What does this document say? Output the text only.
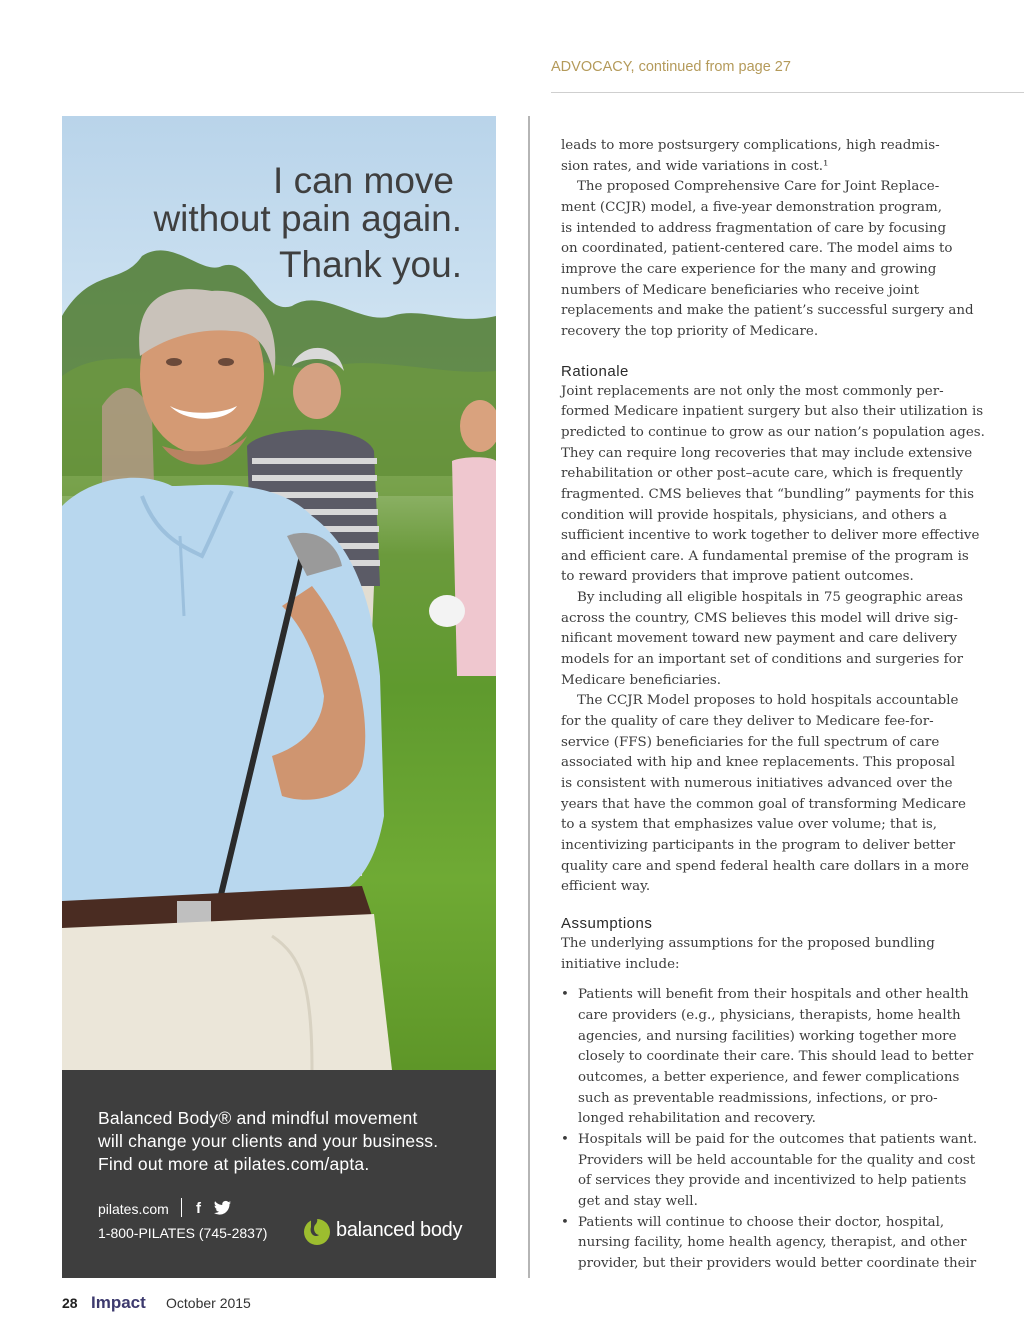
ADVOCACY, continued from page 27
I can move
without pain again.
Thank you.
Balanced Body® and mindful movement
will change your clients and your business.
Find out more at pilates.com/apta.
pilates.com f
1-800-PILATES (745-2837)	balanced body

leads to more postsurgery complications, high readmis-
sion rates, and wide variations in cost.¹

The proposed Comprehensive Care for Joint Replace-
ment (CCJR) model, a five-year demonstration program,
is intended to address fragmentation of care by focusing
on coordinated, patient-centered care. The model aims to
improve the care experience for the many and growing
numbers of Medicare beneficiaries who receive joint
replacements and make the patient’s successful surgery and
recovery the top priority of Medicare.

Rationale

Joint replacements are not only the most commonly per-
formed Medicare inpatient surgery but also their utilization is
predicted to continue to grow as our nation’s population ages.
They can require long recoveries that may include extensive
rehabilitation or other post–acute care, which is frequently
fragmented. CMS believes that “bundling” payments for this
condition will provide hospitals, physicians, and others a
sufficient incentive to work together to deliver more effective
and efficient care. A fundamental premise of the program is
to reward providers that improve patient outcomes.

By including all eligible hospitals in 75 geographic areas
across the country, CMS believes this model will drive sig-
nificant movement toward new payment and care delivery
models for an important set of conditions and surgeries for
Medicare beneficiaries.

The CCJR Model proposes to hold hospitals accountable
for the quality of care they deliver to Medicare fee-for-
service (FFS) beneficiaries for the full spectrum of care
associated with hip and knee replacements. This proposal
is consistent with numerous initiatives advanced over the
years that have the common goal of transforming Medicare
to a system that emphasizes value over volume; that is,
incentivizing participants in the program to deliver better
quality care and spend federal health care dollars in a more
efficient way.

Assumptions

The underlying assumptions for the proposed bundling
initiative include:

• Patients will benefit from their hospitals and other health
care providers (e.g., physicians, therapists, home health
agencies, and nursing facilities) working together more
closely to coordinate their care. This should lead to better
outcomes, a better experience, and fewer complications
such as preventable readmissions, infections, or pro-
longed rehabilitation and recovery.
• Hospitals will be paid for the outcomes that patients want.
Providers will be held accountable for the quality and cost
of services they provide and incentivized to help patients
get and stay well.
• Patients will continue to choose their doctor, hospital,
nursing facility, home health agency, therapist, and other
provider, but their providers would better coordinate their
28 Impact October 2015
